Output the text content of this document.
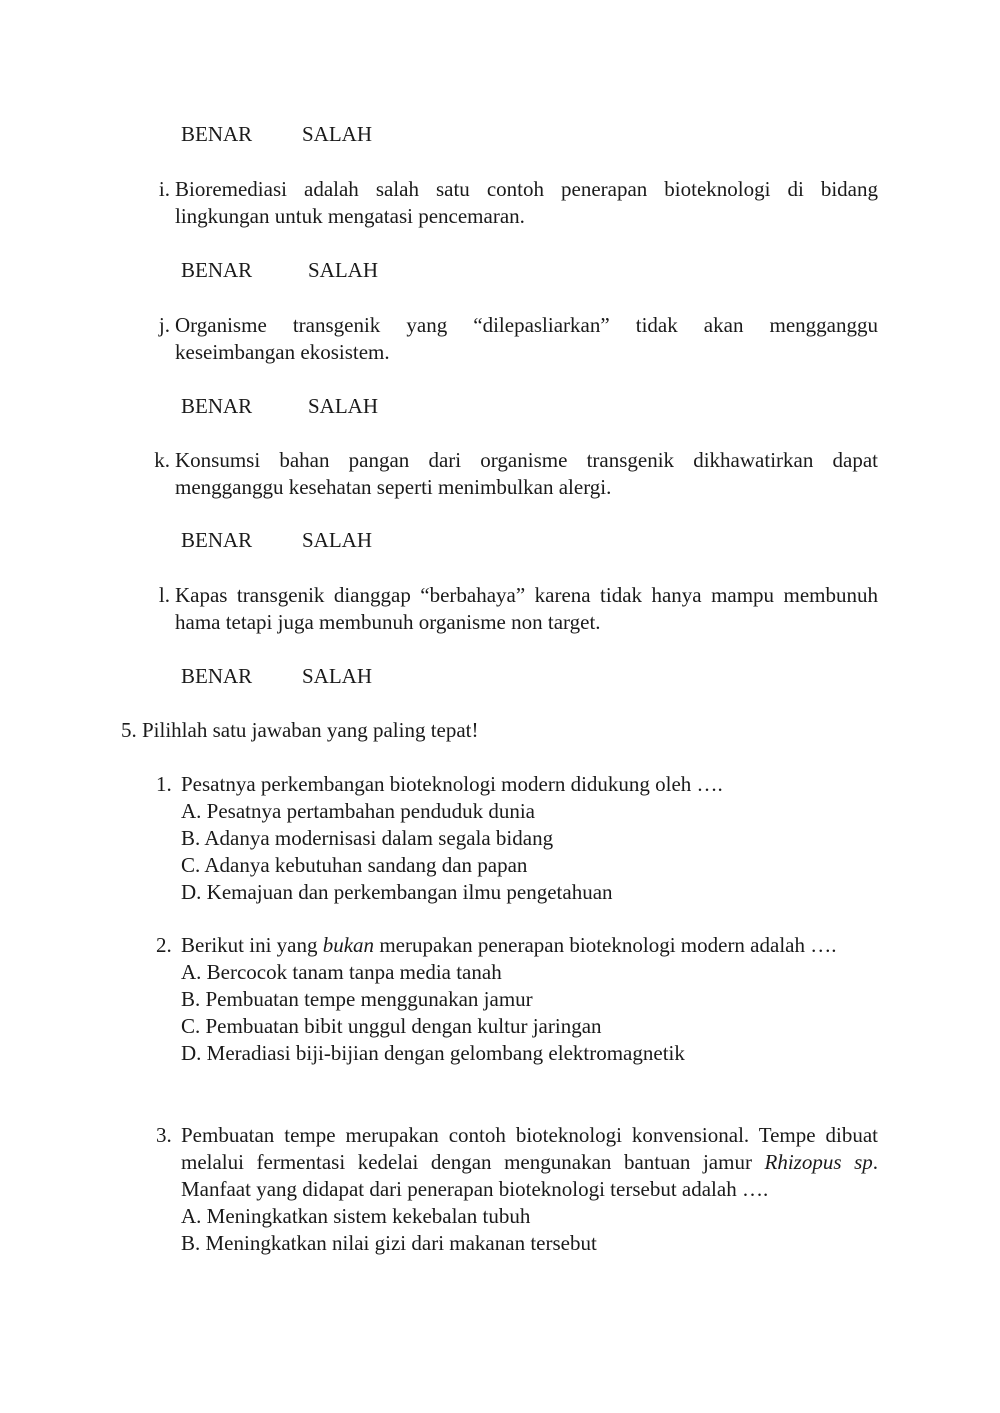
BENAR SALAH
i. Bioremediasi adalah salah satu contoh penerapan bioteknologi di bidang lingkungan untuk mengatasi pencemaran.
BENAR	SALAH
j. Organisme transgenik yang “dilepasliarkan” tidak akan mengganggu keseimbangan ekosistem.
BENAR	SALAH
k. Konsumsi bahan pangan dari organisme transgenik dikhawatirkan dapat mengganggu kesehatan seperti menimbulkan alergi.
BENAR SALAH
l. Kapas transgenik dianggap “berbahaya” karena tidak hanya mampu membunuh hama tetapi juga membunuh organisme non target.
BENAR SALAH
5. Pilihlah satu jawaban yang paling tepat!
1. Pesatnya perkembangan bioteknologi modern didukung oleh ….
A. Pesatnya pertambahan penduduk dunia
B. Adanya modernisasi dalam segala bidang
C. Adanya kebutuhan sandang dan papan
D. Kemajuan dan perkembangan ilmu pengetahuan
2. Berikut ini yang bukan merupakan penerapan bioteknologi modern adalah ….
A. Bercocok tanam tanpa media tanah
B. Pembuatan tempe menggunakan jamur
C. Pembuatan bibit unggul dengan kultur jaringan
D. Meradiasi biji-bijian dengan gelombang elektromagnetik
3. Pembuatan tempe merupakan contoh bioteknologi konvensional. Tempe dibuat melalui fermentasi kedelai dengan mengunakan bantuan jamur Rhizopus sp. Manfaat yang didapat dari penerapan bioteknologi tersebut adalah ….
A. Meningkatkan sistem kekebalan tubuh
B. Meningkatkan nilai gizi dari makanan tersebut
